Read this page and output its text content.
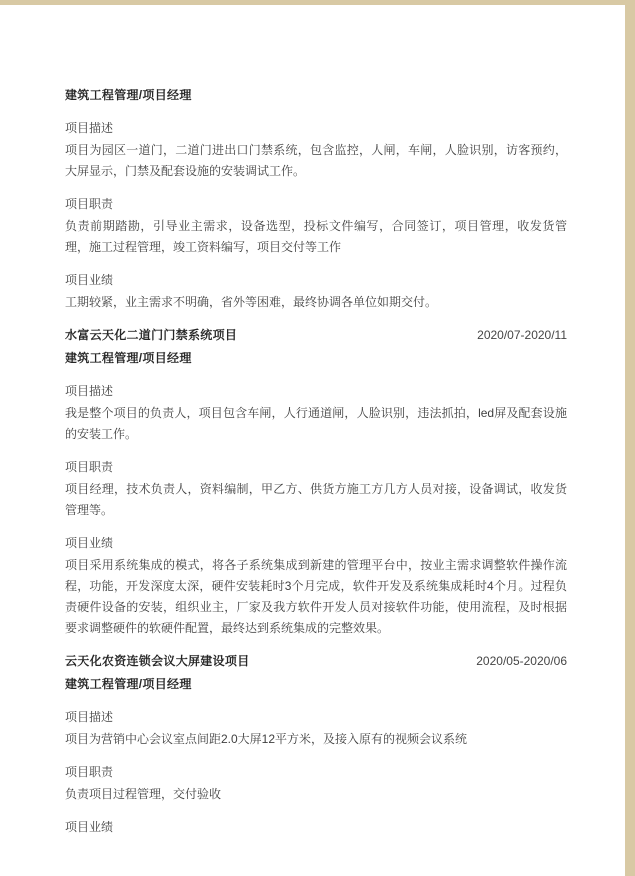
建筑工程管理/项目经理

项目描述

项目为园区一道门，二道门进出口门禁系统，包含监控，人闸，车闸，人脸识别，访客预约，大屏显示，门禁及配套设施的安装调试工作。

项目职责

负责前期踏勘，引导业主需求，设备选型，投标文件编写，合同签订，项目管理，收发货管理，施工过程管理，竣工资料编写，项目交付等工作

项目业绩

工期较紧，业主需求不明确，省外等困难，最终协调各单位如期交付。

水富云天化二道门门禁系统项目	2020/07-2020/11
建筑工程管理/项目经理

项目描述

我是整个项目的负责人，项目包含车闸，人行通道闸，人脸识别，违法抓拍，led屏及配套设施的安装工作。

项目职责

项目经理，技术负责人，资料编制，甲乙方、供货方施工方几方人员对接，设备调试，收发货管理等。

项目业绩

项目采用系统集成的模式，将各子系统集成到新建的管理平台中，按业主需求调整软件操作流程，功能，开发深度太深，硬件安装耗时3个月完成，软件开发及系统集成耗时4个月。过程负责硬件设备的安装，组织业主，厂家及我方软件开发人员对接软件功能，使用流程，及时根据要求调整硬件的软硬件配置，最终达到系统集成的完整效果。

云天化农资连锁会议大屏建设项目	2020/05-2020/06
建筑工程管理/项目经理

项目描述

项目为营销中心会议室点间距2.0大屏12平方米，及接入原有的视频会议系统

项目职责

负责项目过程管理，交付验收

项目业绩
